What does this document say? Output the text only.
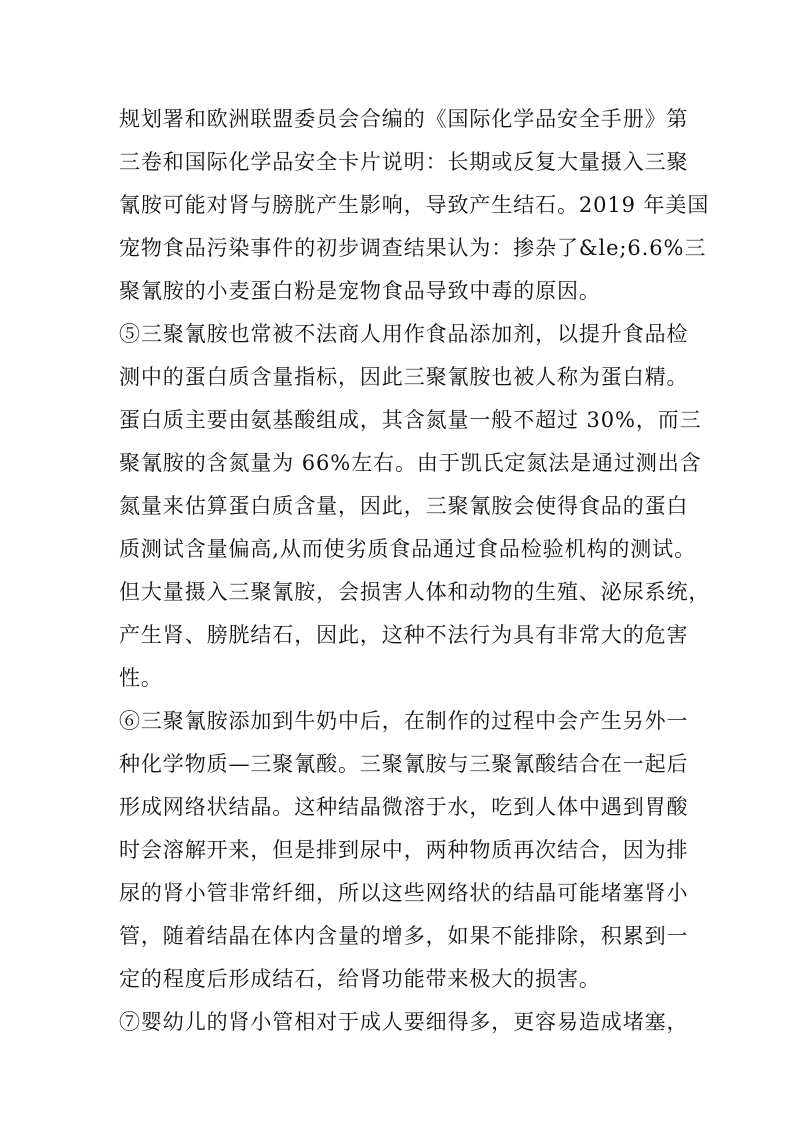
规划署和欧洲联盟委员会合编的《国际化学品安全手册》第
三卷和国际化学品安全卡片说明：长期或反复大量摄入三聚
氰胺可能对肾与膀胱产生影响，导致产生结石。2019 年美国
宠物食品污染事件的初步调查结果认为：掺杂了&le;6.6%三
聚氰胺的小麦蛋白粉是宠物食品导致中毒的原因。
⑤三聚氰胺也常被不法商人用作食品添加剂，以提升食品检
测中的蛋白质含量指标，因此三聚氰胺也被人称为蛋白精。
蛋白质主要由氨基酸组成，其含氮量一般不超过 30%，而三
聚氰胺的含氮量为 66%左右。由于凯氏定氮法是通过测出含
氮量来估算蛋白质含量，因此，三聚氰胺会使得食品的蛋白
质测试含量偏高,从而使劣质食品通过食品检验机构的测试。
但大量摄入三聚氰胺，会损害人体和动物的生殖、泌尿系统，
产生肾、膀胱结石，因此，这种不法行为具有非常大的危害
性。
⑥三聚氰胺添加到牛奶中后，在制作的过程中会产生另外一
种化学物质—三聚氰酸。三聚氰胺与三聚氰酸结合在一起后
形成网络状结晶。这种结晶微溶于水，吃到人体中遇到胃酸
时会溶解开来，但是排到尿中，两种物质再次结合，因为排
尿的肾小管非常纤细，所以这些网络状的结晶可能堵塞肾小
管，随着结晶在体内含量的增多，如果不能排除，积累到一
定的程度后形成结石，给肾功能带来极大的损害。
⑦婴幼儿的肾小管相对于成人要细得多，更容易造成堵塞，
